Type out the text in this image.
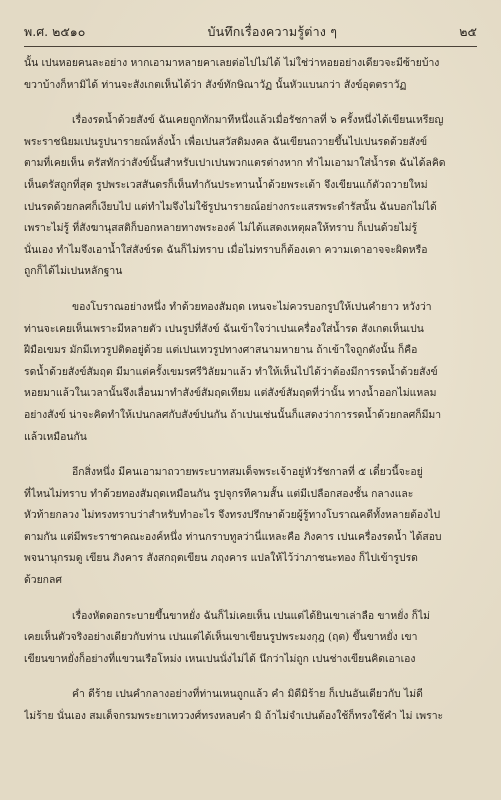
พ.ศ. ๒๕๑๐	บันทึกเรื่องความรู้ต่าง ๆ	๒๕
นั้น เปนหอยคนละอย่าง หากเอามาหลายคาเลยต่อไปไม่ได้ ไม่ใช่ว่าหอยอย่างเดียวจะมีซ้ายบ้าง
ขวาบ้างก็หามิได้ ท่านจะสังเกตเห็นได้ว่า สังข์ทักษิณาวัฏ นั้นหัวแบนกว่า สังข์อุตตราวัฏ
เรื่องรดน้ำด้วยสังข์ ฉันเคยถูกทักมาทีหนึ่งแล้วเมื่อรัชกาลที่ ๖ ครั้งหนึ่งได้เขียนเหรียญ
พระราชนิยมเปนรูปนารายณ์หลั่งน้ำ เพื่อเปนสวัสดิมงคล ฉันเขียนถวายขึ้นไปเปนรดด้วยสังข์
ตามที่เคยเห็น ตรัสทักว่าสังข์นั้นสำหรับเปาเปนพวกแตรต่างหาก ทำไมเอามาใส่น้ำรด ฉันได้ลคิด
เห็นตรัสถูกที่สุด รูปพระเวสสันดรก็เห็นทำกันประทานน้ำด้วยพระเต้า จึงเขียนแก้ตัวถวายใหม่
เปนรดด้วยกลศก็เงียบไป แต่ทำไมจึงไม่ใช้รูปนารายณ์อย่างกระแสรพระดำรัสนั้น ฉันบอกไม่ได้
เพราะไม่รู้ ที่สังฆานุสสติก็บอกหลายทางพระองค์ ไม่ได้แสดงเหตุผลให้ทราบ ก็เปนด้วยไม่รู้
นั่นเอง ทำไมจึงเอาน้ำใส่สังข์รด ฉันก็ไม่ทราบ เมื่อไม่ทราบก็ต้องเดา ความเดาอาจจะผิดหรือ
ถูกก็ได้ไม่เปนหลักฐาน
ของโบราณอย่างหนึ่ง ทำด้วยทองสัมฤด เหนจะไม่ควรบอกรูปให้เปนคำยาว หวังว่า
ท่านจะเคยเห็นเพราะมีหลายตัว เปนรูปที่สังข์ ฉันเข้าใจว่าเปนเครื่องใส่น้ำรด สังเกตเห็นเปน
ฝีมือเขมร มักมีเทวรูปติดอยู่ด้วย แต่เปนเทวรูปทางศาสนามหายาน ถ้าเข้าใจถูกดังนั้น ก็คือ
รดน้ำด้วยสังข์สัมฤต มีมาแต่ครั้งเขมรศรีวิลัยมาแล้ว ทำให้เห็นไปได้ว่าต้องมีการรดน้ำด้วยสังข์
หอยมาแล้วในเวลานั้นจึงเลื่อนมาทำสังข์สัมฤดเทียม แต่สังข์สัมฤดที่ว่านั้น ทางน้ำออกไม่แหลม
อย่างสังข์ น่าจะคิดทำให้เปนกลศกับสังข์ปนกัน ถ้าเปนเช่นนั้นก็แสดงว่าการรดน้ำด้วยกลศก็มีมา
แล้วเหมือนกัน
อีกสิ่งหนึ่ง มีคนเอามาถวายพระบาทสมเด็จพระเจ้าอยู่หัวรัชกาลที่ ๕ เดี๋ยวนี้จะอยู่
ที่ไหนไม่ทราบ ทำด้วยทองสัมฤดเหมือนกัน รูปจุกรทีคามสั้น แต่มีเปลือกสองชั้น กลางและ
หัวท้ายกลวง ไม่ทรงทราบว่าสำหรับทำอะไร จึงทรงปรึกษาด้วยผู้รู้ทางโบราณคดีทั้งหลายต้องไป
ตามกัน แต่มีพระราชาคณะองค์หนึ่ง ท่านกราบทูลว่านี่แหละคือ ภิงคาร เปนเครื่องรดน้ำ ได้สอบ
พจนานุกรมดู เขียน ภิงคาร สังสกฤตเขียน ภฤงคาร แปลให้ไว้ว่าภาชนะทอง ก็ไปเข้ารูปรด
ด้วยกลศ
เรื่องหัดดอกระบายขึ้นขาหยั่ง ฉันก็ไม่เคยเห็น เปนแต่ได้ยินเขาเล่าลือ ขาหยั่ง ก็ไม่
เคยเห็นตัวจริงอย่างเดียวกับท่าน เปนแต่ได้เห็นเขาเขียนรูปพระมงกุฎ (ฤต) ขึ้นขาหยั่ง เขา
เขียนขาหยั่งก็อย่างที่แขวนเรือโหม่ง เหนเปนนั่งไม่ได้ นึกว่าไม่ถูก เปนช่างเขียนคิดเอาเอง
คำ ดีร้าย เปนคำกลางอย่างที่ท่านเหนถูกแล้ว คำ มิดีมิร้าย ก็เปนอันเดียวกับ ไม่ดี
ไม่ร้าย นั่นเอง สมเด็จกรมพระยาเทววงศ์ทรงหลบคำ มิ ถ้าไม่จำเปนต้องใช้ก็ทรงใช้คำ ไม่ เพราะ
